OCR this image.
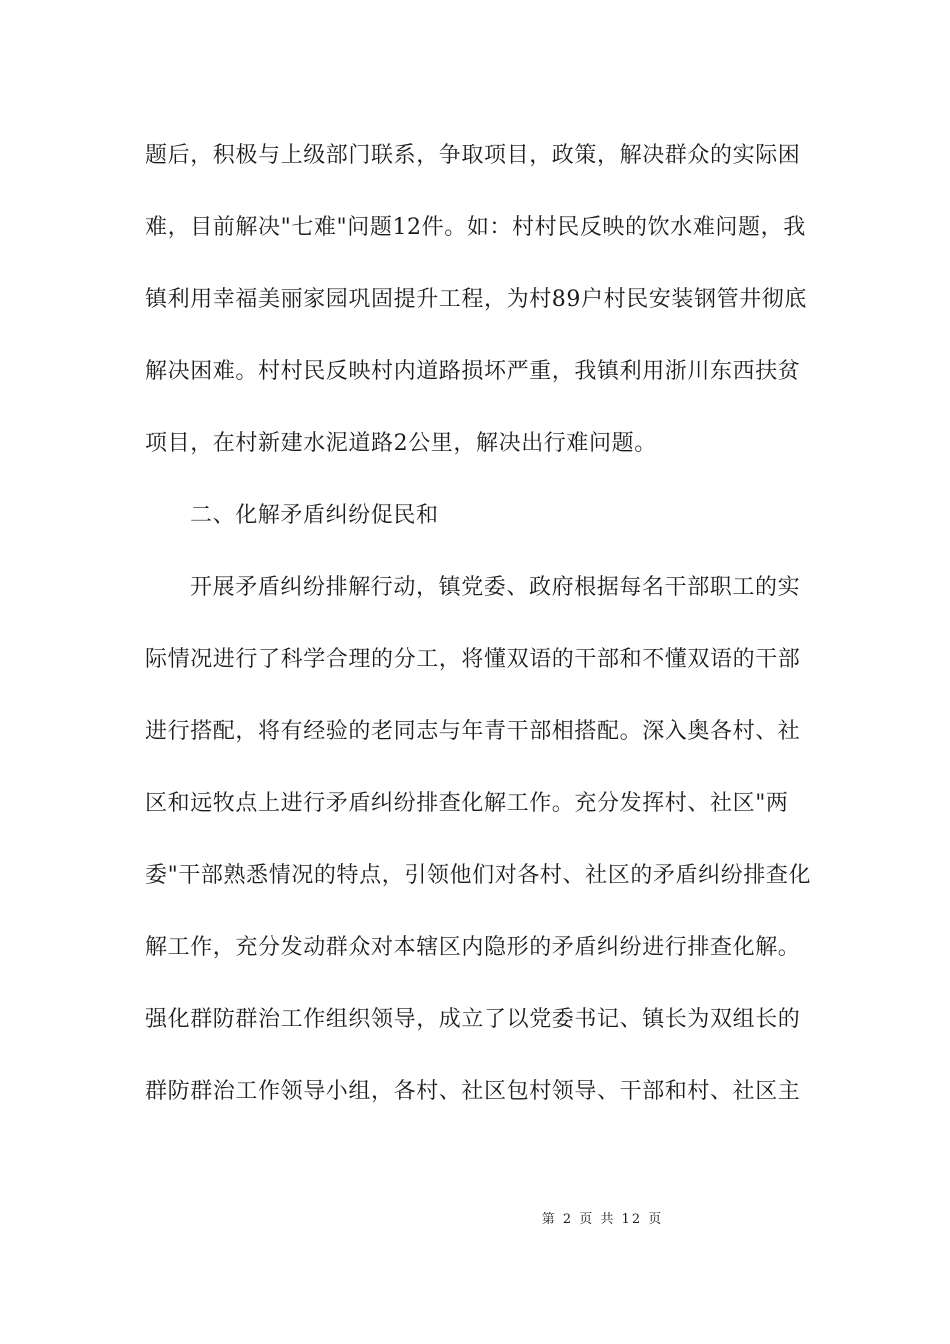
题后，积极与上级部门联系，争取项目，政策，解决群众的实际困

难，目前解决"七难"问题12件。如：村村民反映的饮水难问题，我

镇利用幸福美丽家园巩固提升工程，为村89户村民安装钢管井彻底

解决困难。村村民反映村内道路损坏严重，我镇利用浙川东西扶贫

项目，在村新建水泥道路2公里，解决出行难问题。

二、化解矛盾纠纷促民和

开展矛盾纠纷排解行动，镇党委、政府根据每名干部职工的实

际情况进行了科学合理的分工，将懂双语的干部和不懂双语的干部

进行搭配，将有经验的老同志与年青干部相搭配。深入奥各村、社

区和远牧点上进行矛盾纠纷排查化解工作。充分发挥村、社区"两

委"干部熟悉情况的特点，引领他们对各村、社区的矛盾纠纷排查化

解工作，充分发动群众对本辖区内隐形的矛盾纠纷进行排查化解。

强化群防群治工作组织领导，成立了以党委书记、镇长为双组长的

群防群治工作领导小组，各村、社区包村领导、干部和村、社区主

第 2 页 共 12 页
